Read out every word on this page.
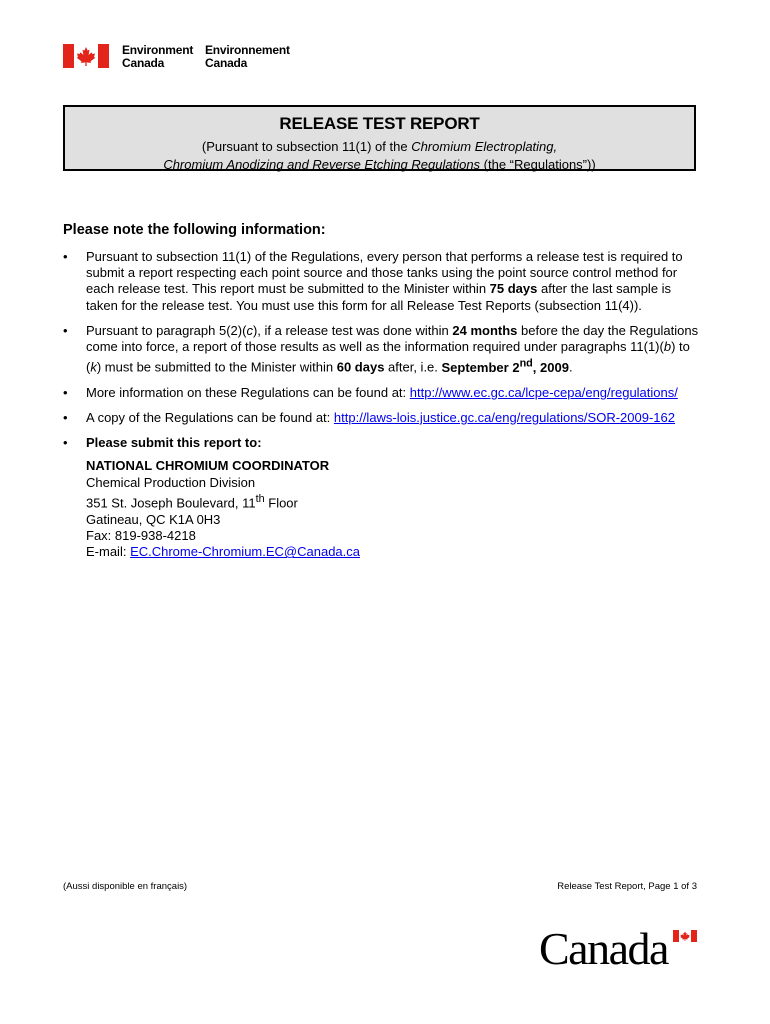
Environment
Canada
Environnement
Canada
RELEASE TEST REPORT
(Pursuant to subsection 11(1) of the Chromium Electroplating,
Chromium Anodizing and Reverse Etching Regulations (the “Regulations”))
Please note the following information:
• Pursuant to subsection 11(1) of the Regulations, every person that performs a release test is required to submit a report respecting each point source and those tanks using the point source control method for each release test. This report must be submitted to the Minister within 75 days after the last sample is taken for the release test. You must use this form for all Release Test Reports (subsection 11(4)).
• Pursuant to paragraph 5(2)(c), if a release test was done within 24 months before the day the Regulations come into force, a report of those results as well as the information required under paragraphs 11(1)(b) to (k) must be submitted to the Minister within 60 days after, i.e. September 2nd, 2009.
• More information on these Regulations can be found at: http://www.ec.gc.ca/lcpe-cepa/eng/regulations/
• A copy of the Regulations can be found at: http://laws-lois.justice.gc.ca/eng/regulations/SOR-2009-162
• Please submit this report to:
NATIONAL CHROMIUM COORDINATOR
Chemical Production Division
351 St. Joseph Boulevard, 11th Floor
Gatineau, QC K1A 0H3
Fax: 819-938-4218
E-mail: EC.Chrome-Chromium.EC@Canada.ca
(Aussi disponible en français)	Release Test Report, Page 1 of 3
Canada
